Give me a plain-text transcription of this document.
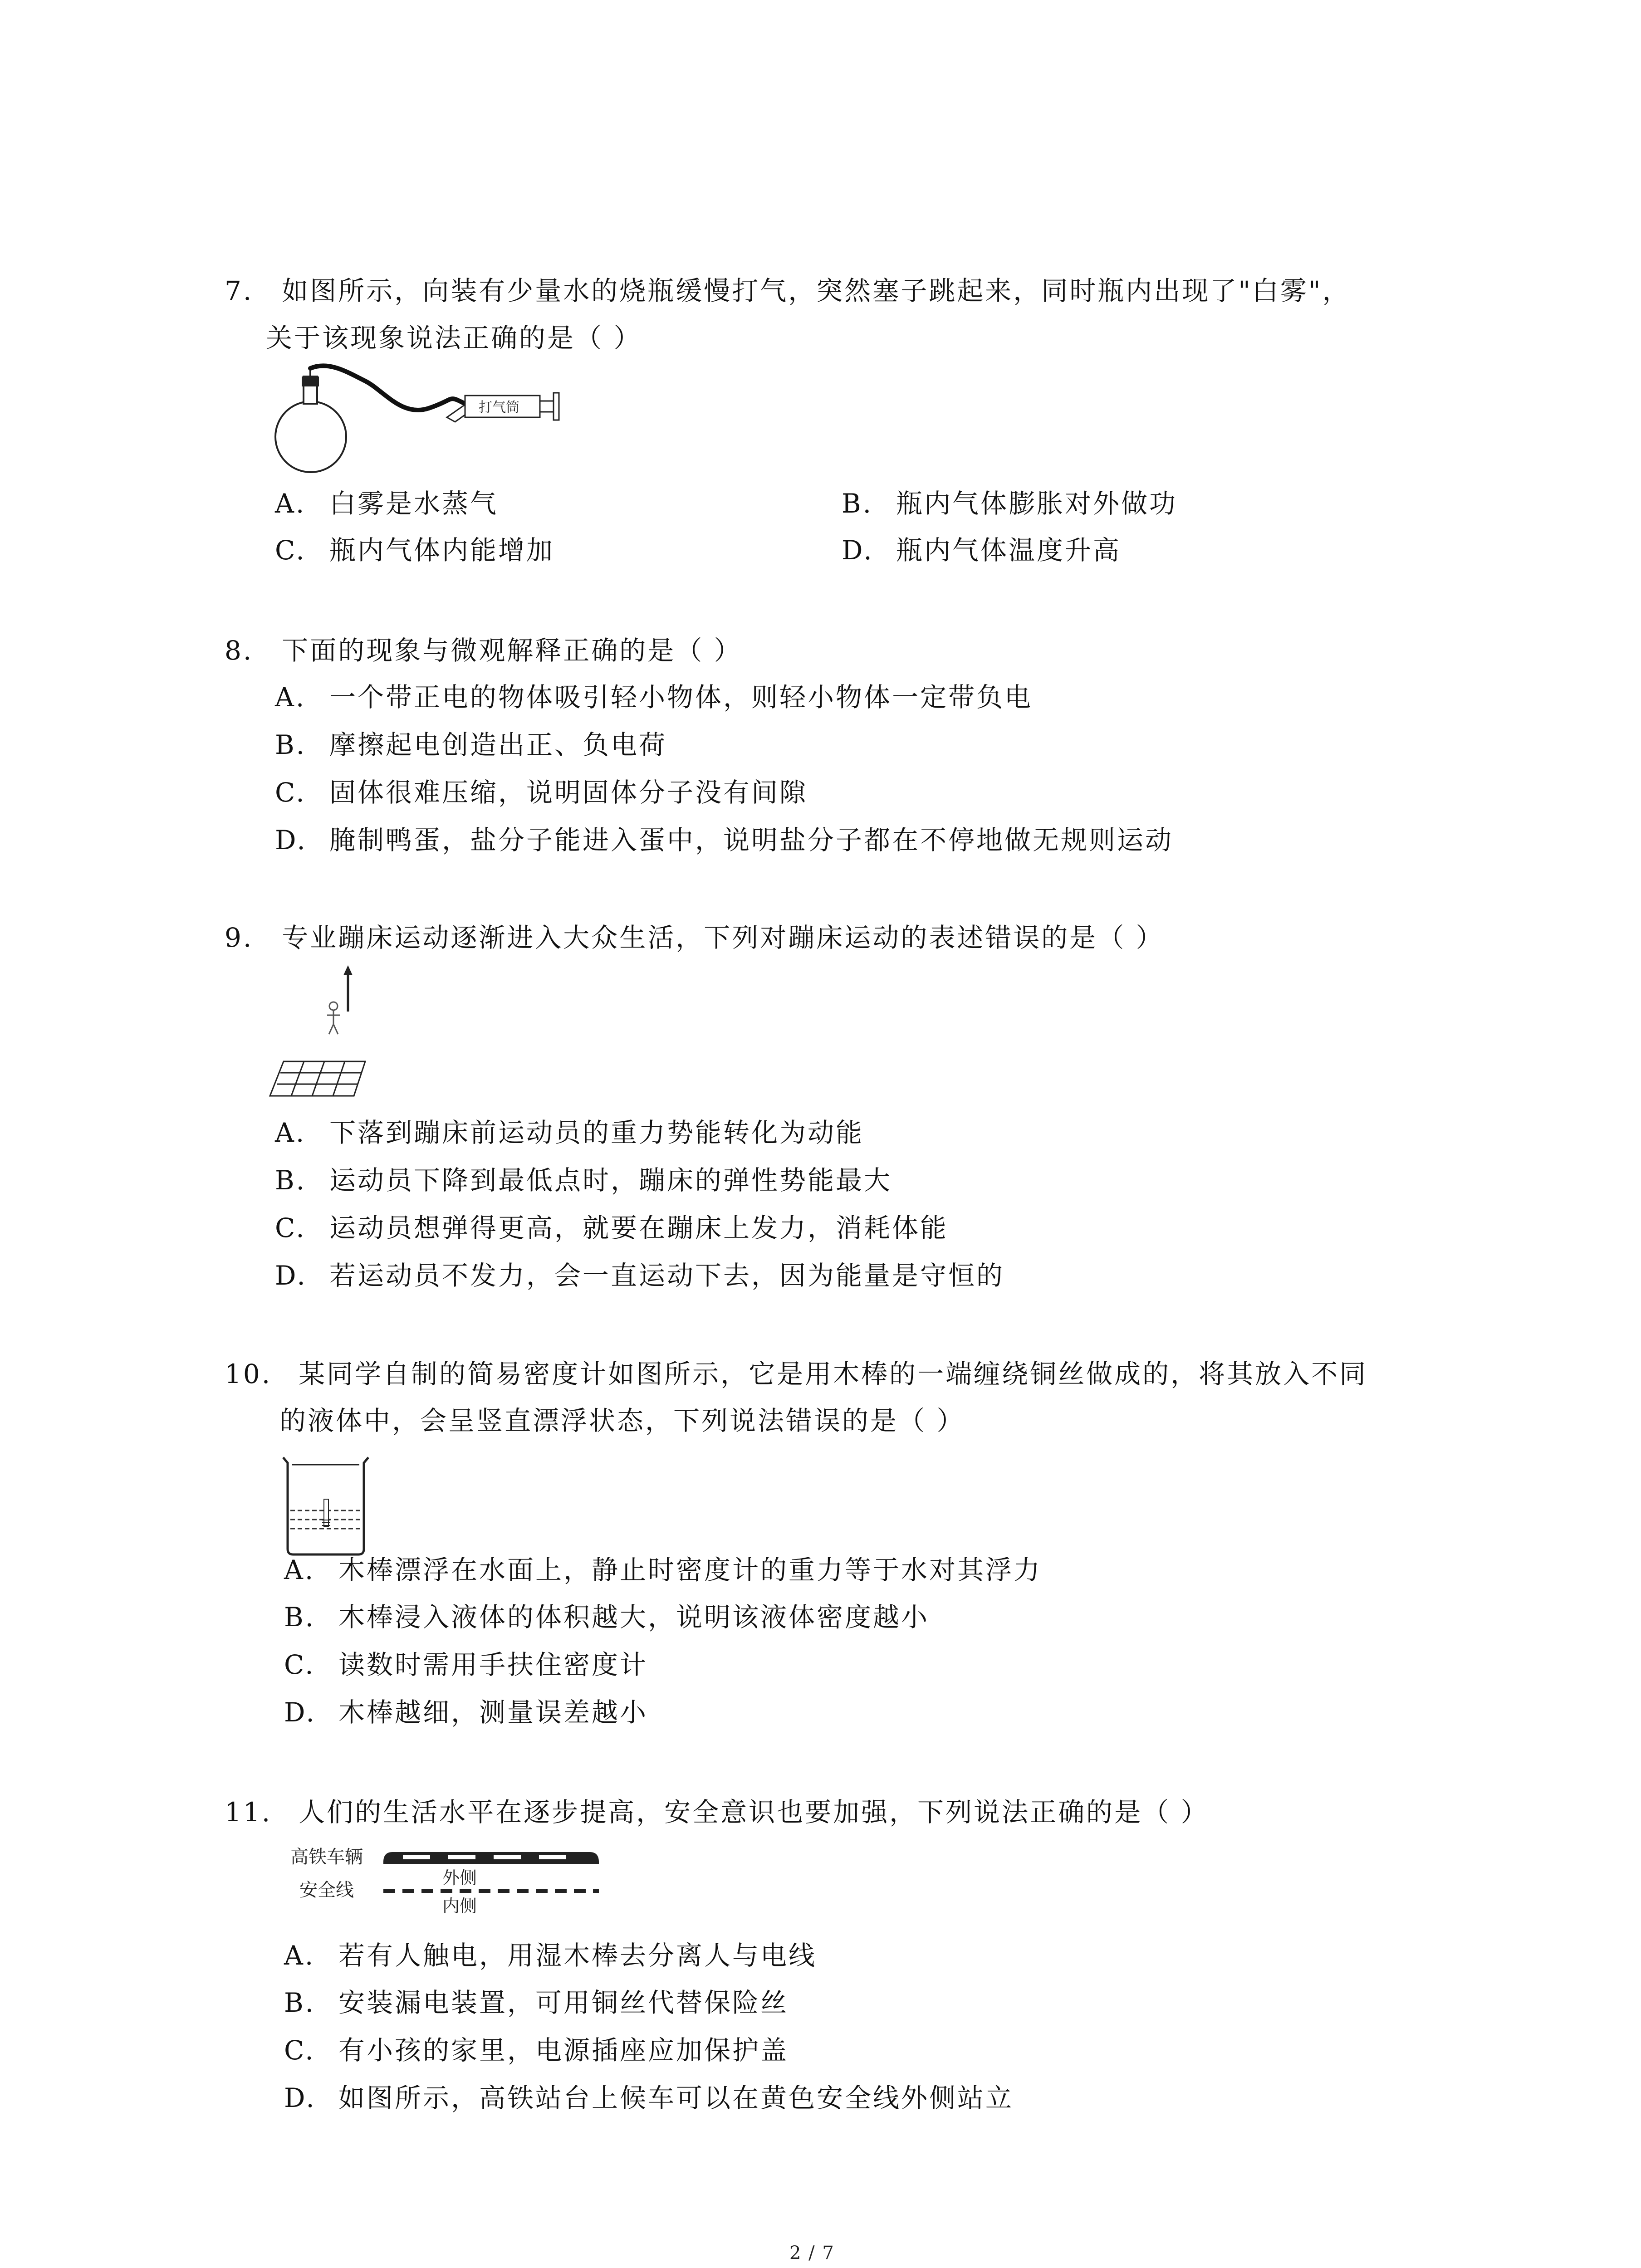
7. 如图所示，向装有少量水的烧瓶缓慢打气，突然塞子跳起来，同时瓶内出现了"白雾"，
关于该现象说法正确的是（ ）
打气筒
A. 白雾是水蒸气	B. 瓶内气体膨胀对外做功
C. 瓶内气体内能增加	D. 瓶内气体温度升高
8. 下面的现象与微观解释正确的是（ ）
A. 一个带正电的物体吸引轻小物体，则轻小物体一定带负电
B. 摩擦起电创造出正、负电荷
C. 固体很难压缩，说明固体分子没有间隙
D. 腌制鸭蛋，盐分子能进入蛋中，说明盐分子都在不停地做无规则运动
9. 专业蹦床运动逐渐进入大众生活，下列对蹦床运动的表述错误的是（ ）
A. 下落到蹦床前运动员的重力势能转化为动能
B. 运动员下降到最低点时，蹦床的弹性势能最大
C. 运动员想弹得更高，就要在蹦床上发力，消耗体能
D. 若运动员不发力，会一直运动下去，因为能量是守恒的
10. 某同学自制的简易密度计如图所示，它是用木棒的一端缠绕铜丝做成的，将其放入不同
的液体中，会呈竖直漂浮状态，下列说法错误的是（ ）
A. 木棒漂浮在水面上，静止时密度计的重力等于水对其浮力
B. 木棒浸入液体的体积越大，说明该液体密度越小
C. 读数时需用手扶住密度计
D. 木棒越细，测量误差越小
11. 人们的生活水平在逐步提高，安全意识也要加强，下列说法正确的是（ ）
高铁车辆
外侧
安全线
内侧
A. 若有人触电，用湿木棒去分离人与电线
B. 安装漏电装置，可用铜丝代替保险丝
C. 有小孩的家里，电源插座应加保护盖
D. 如图所示，高铁站台上候车可以在黄色安全线外侧站立
2 / 7
